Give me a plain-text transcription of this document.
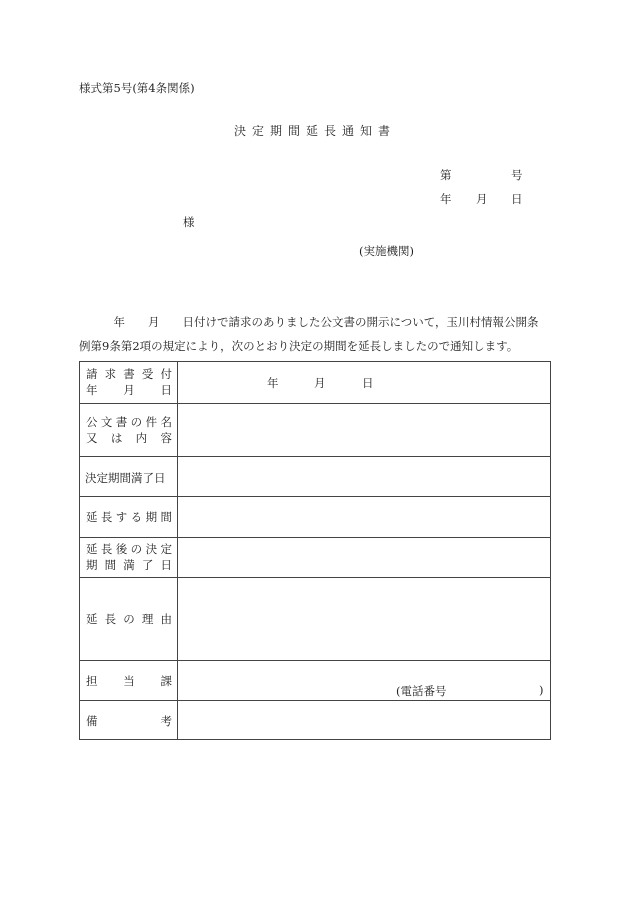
様式第5号(第4条関係)
決定期間延長通知書
第	号
年 月 日
様
(実施機関)
　　　年　　月　　日付けで請求のありました公文書の開示について，玉川村情報公開条
例第9条第2項の規定により，次のとおり決定の期間を延長しましたので通知します。
請 求 書 受 付
年 月 日	年	月	日
公 文 書 の 件 名
又 は 内 容
決定期間満了日
延 長 す る 期 間
延 長 後 の 決 定
期 間 満 了 日
延 長 の 理 由
担 当 課
(電話番号	)
備	考
